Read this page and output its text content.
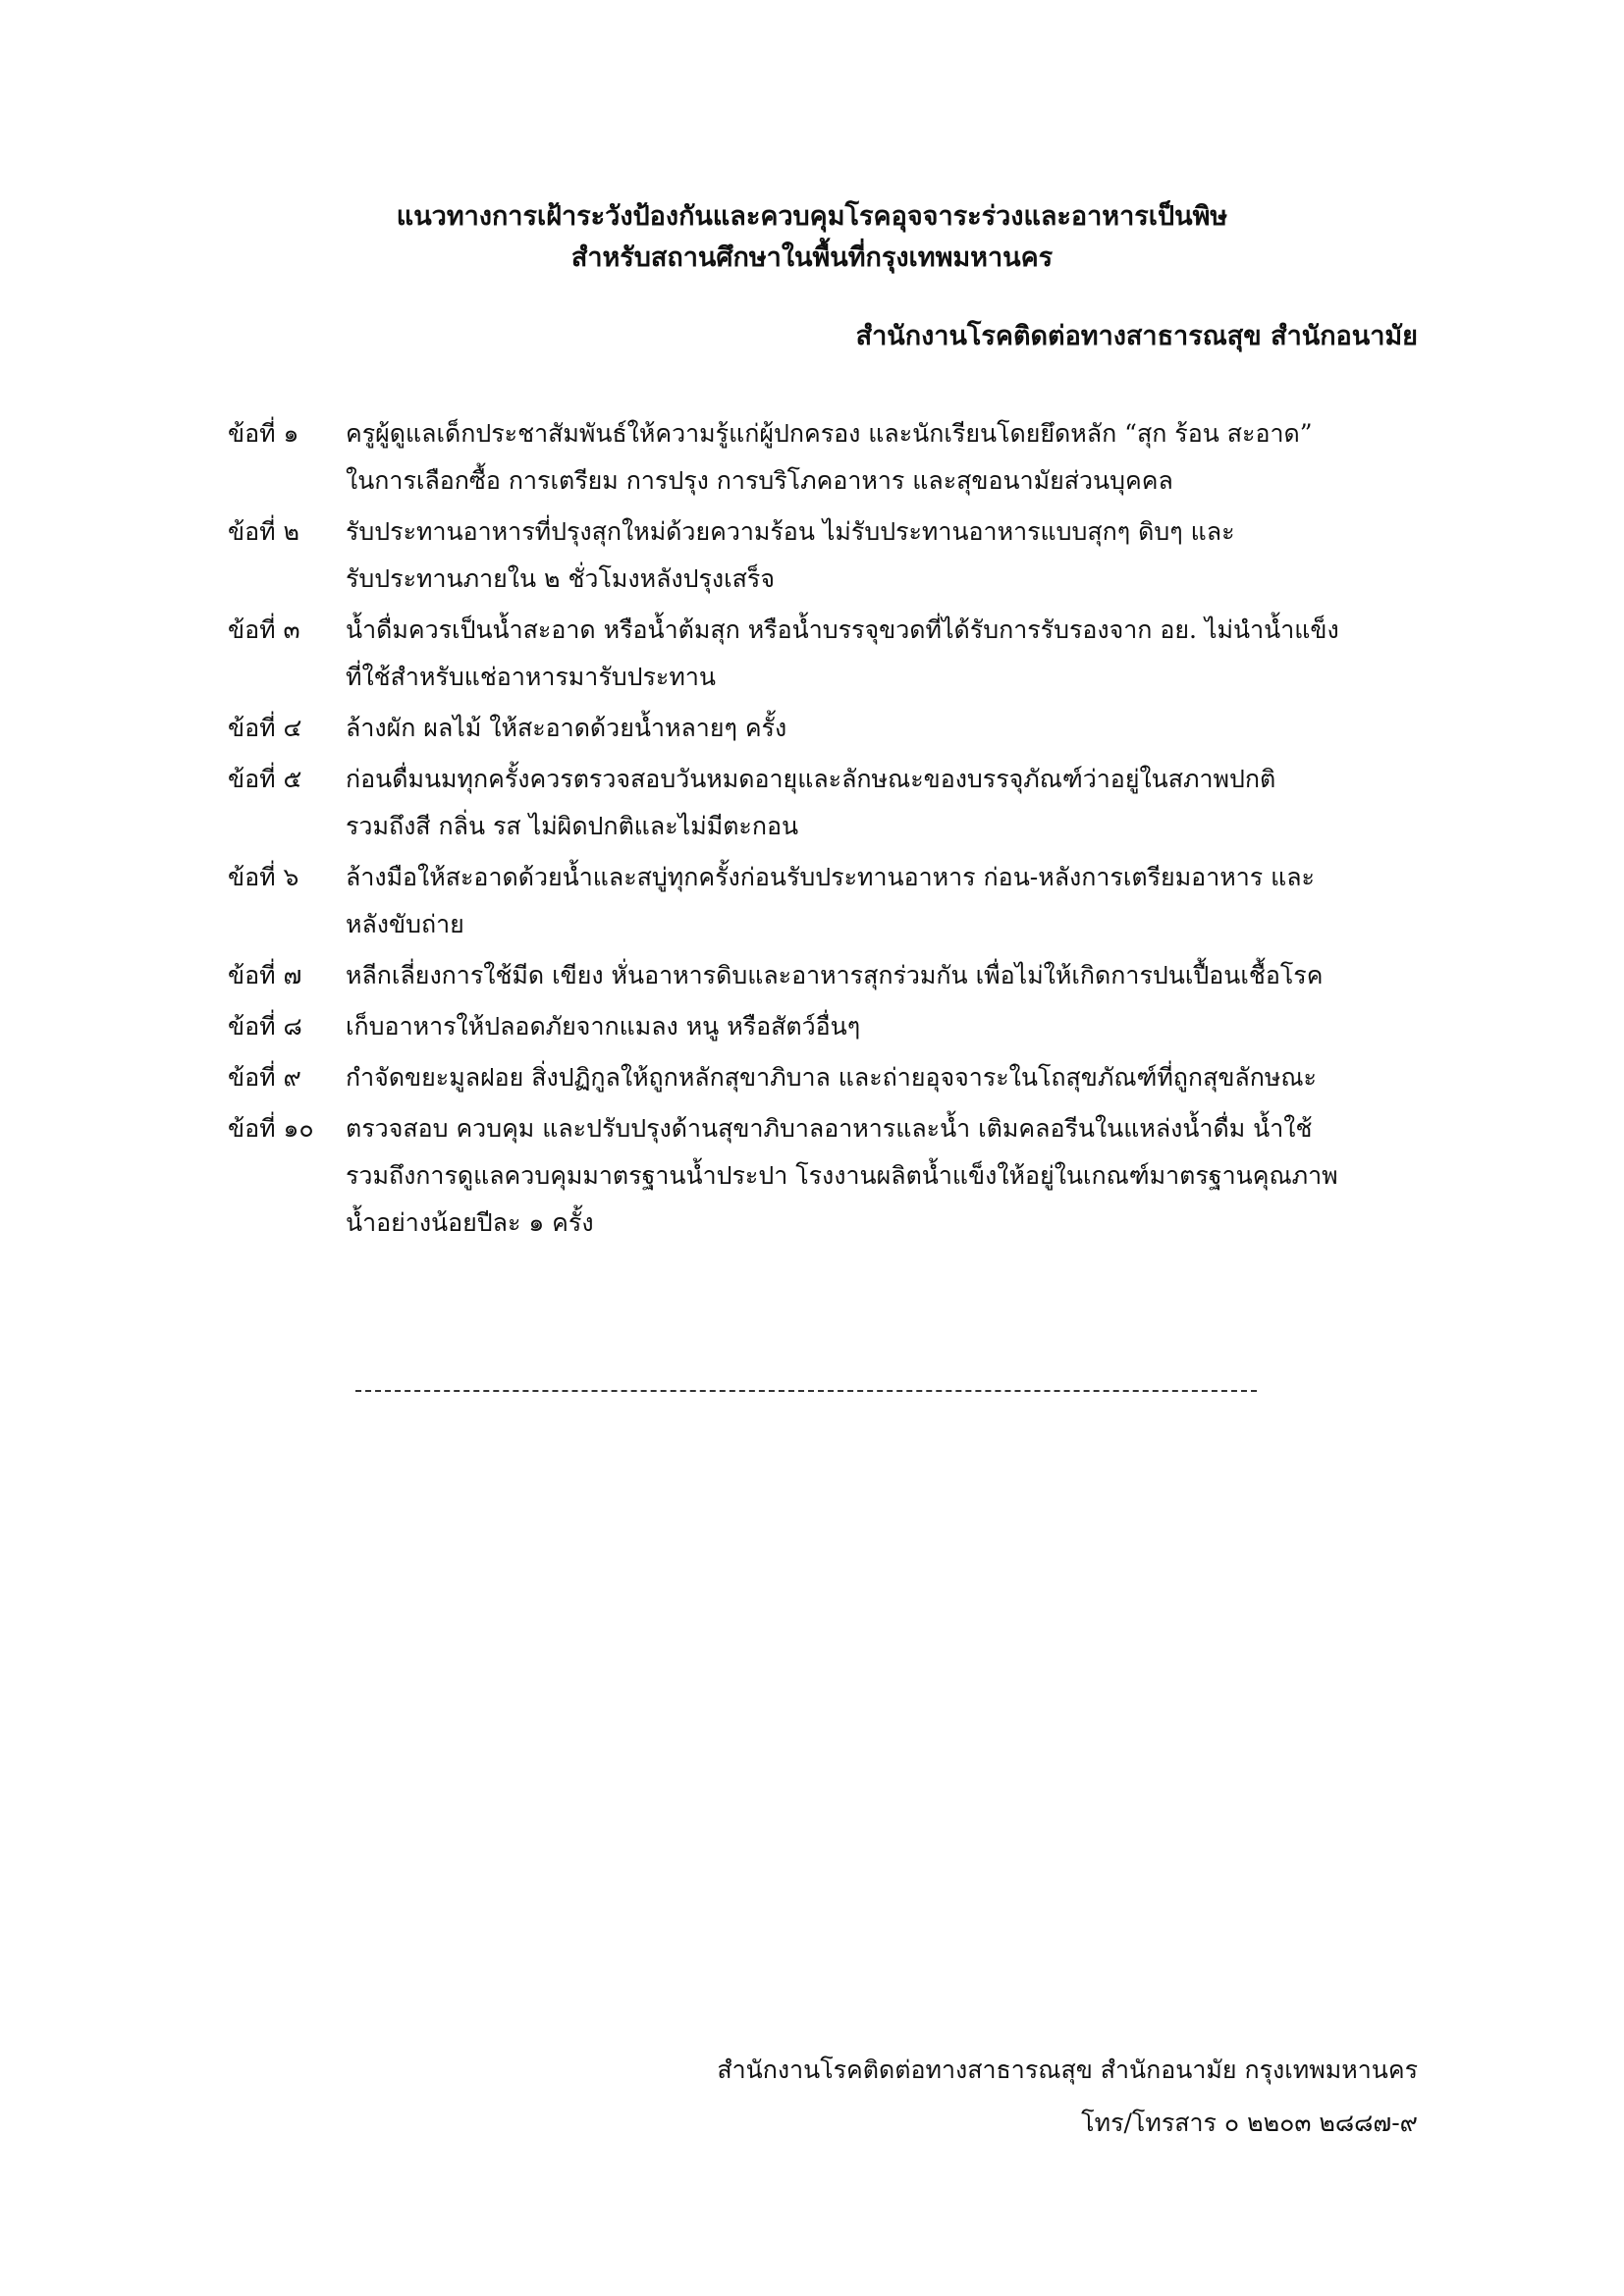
แนวทางการเฝ้าระวังป้องกันและควบคุมโรคอุจจาระร่วงและอาหารเป็นพิษ
สำหรับสถานศึกษาในพื้นที่กรุงเทพมหานคร
สำนักงานโรคติดต่อทางสาธารณสุข สำนักอนามัย
ข้อที่ ๑	ครูผู้ดูแลเด็กประชาสัมพันธ์ให้ความรู้แก่ผู้ปกครอง และนักเรียนโดยยึดหลัก “สุก ร้อน สะอาด”
ในการเลือกซื้อ การเตรียม การปรุง การบริโภคอาหาร และสุขอนามัยส่วนบุคคล
ข้อที่ ๒	รับประทานอาหารที่ปรุงสุกใหม่ด้วยความร้อน ไม่รับประทานอาหารแบบสุกๆ ดิบๆ และ
รับประทานภายใน ๒ ชั่วโมงหลังปรุงเสร็จ
ข้อที่ ๓	น้ำดื่มควรเป็นน้ำสะอาด หรือน้ำต้มสุก หรือน้ำบรรจุขวดที่ได้รับการรับรองจาก อย. ไม่นำน้ำแข็ง
ที่ใช้สำหรับแช่อาหารมารับประทาน
ข้อที่ ๔	ล้างผัก ผลไม้ ให้สะอาดด้วยน้ำหลายๆ ครั้ง
ข้อที่ ๕	ก่อนดื่มนมทุกครั้งควรตรวจสอบวันหมดอายุและลักษณะของบรรจุภัณฑ์ว่าอยู่ในสภาพปกติ
รวมถึงสี กลิ่น รส ไม่ผิดปกติและไม่มีตะกอน
ข้อที่ ๖	ล้างมือให้สะอาดด้วยน้ำและสบู่ทุกครั้งก่อนรับประทานอาหาร ก่อน-หลังการเตรียมอาหาร และ
หลังขับถ่าย
ข้อที่ ๗	หลีกเลี่ยงการใช้มีด เขียง หั่นอาหารดิบและอาหารสุกร่วมกัน เพื่อไม่ให้เกิดการปนเปื้อนเชื้อโรค
ข้อที่ ๘	เก็บอาหารให้ปลอดภัยจากแมลง หนู หรือสัตว์อื่นๆ
ข้อที่ ๙	กำจัดขยะมูลฝอย สิ่งปฏิกูลให้ถูกหลักสุขาภิบาล และถ่ายอุจจาระในโถสุขภัณฑ์ที่ถูกสุขลักษณะ
ข้อที่ ๑๐	ตรวจสอบ ควบคุม และปรับปรุงด้านสุขาภิบาลอาหารและน้ำ เติมคลอรีนในแหล่งน้ำดื่ม น้ำใช้
รวมถึงการดูแลควบคุมมาตรฐานน้ำประปา โรงงานผลิตน้ำแข็งให้อยู่ในเกณฑ์มาตรฐานคุณภาพ
น้ำอย่างน้อยปีละ ๑ ครั้ง
สำนักงานโรคติดต่อทางสาธารณสุข สำนักอนามัย กรุงเทพมหานคร
โทร/โทรสาร ๐ ๒๒๐๓ ๒๘๘๗-๙
